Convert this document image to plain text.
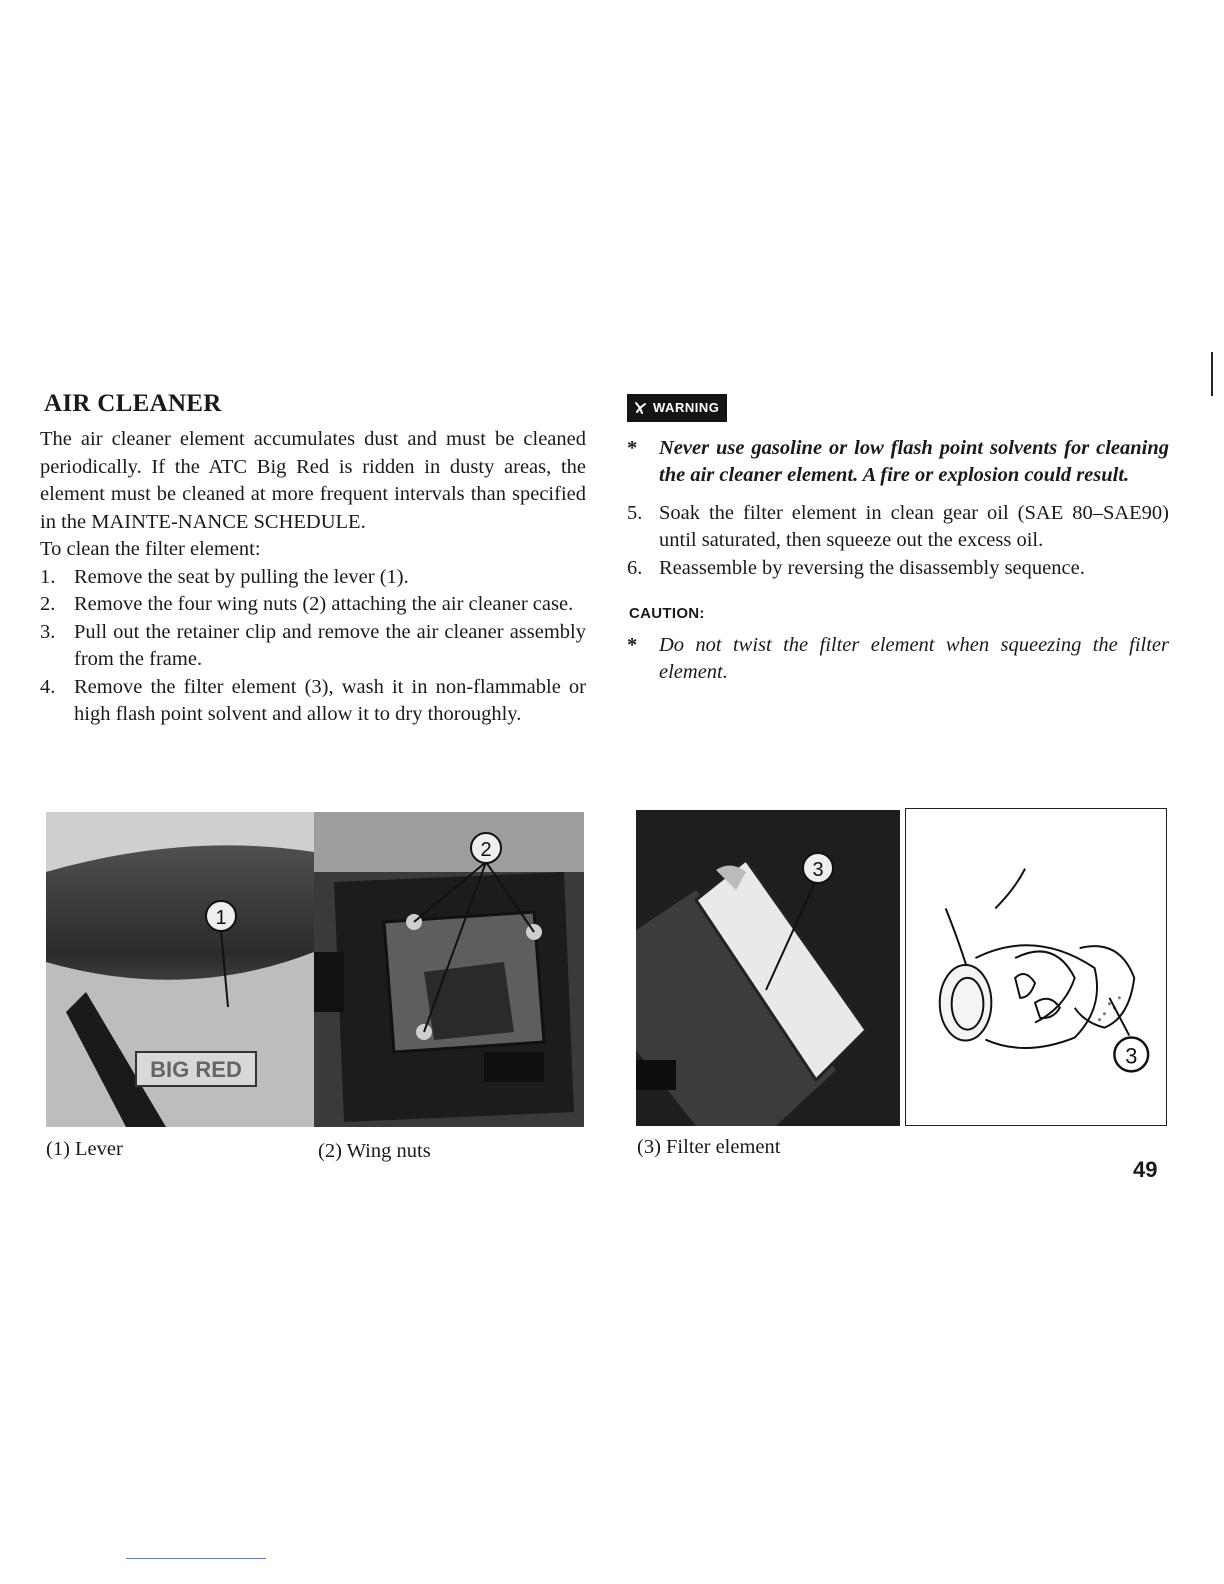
AIR CLEANER

The air cleaner element accumulates dust and must be cleaned periodically. If the ATC Big Red is ridden in dusty areas, the element must be cleaned at more frequent intervals than specified in the MAINTE-NANCE SCHEDULE.

To clean the filter element:

1. Remove the seat by pulling the lever (1).
2. Remove the four wing nuts (2) attaching the air cleaner case.
3. Pull out the retainer clip and remove the air cleaner assembly from the frame.
4. Remove the filter element (3), wash it in non-flammable or high flash point solvent and allow it to dry thoroughly.
WARNING

* Never use gasoline or low flash point solvents for cleaning the air cleaner element. A fire or explosion could result.

5. Soak the filter element in clean gear oil (SAE 80–SAE90) until saturated, then squeeze out the excess oil.
6. Reassemble by reversing the disassembly sequence.
CAUTION:

* Do not twist the filter element when squeezing the filter element.

BIG RED
1
2
3
3

(1) Lever	(2) Wing nuts	(3) Filter element

49
